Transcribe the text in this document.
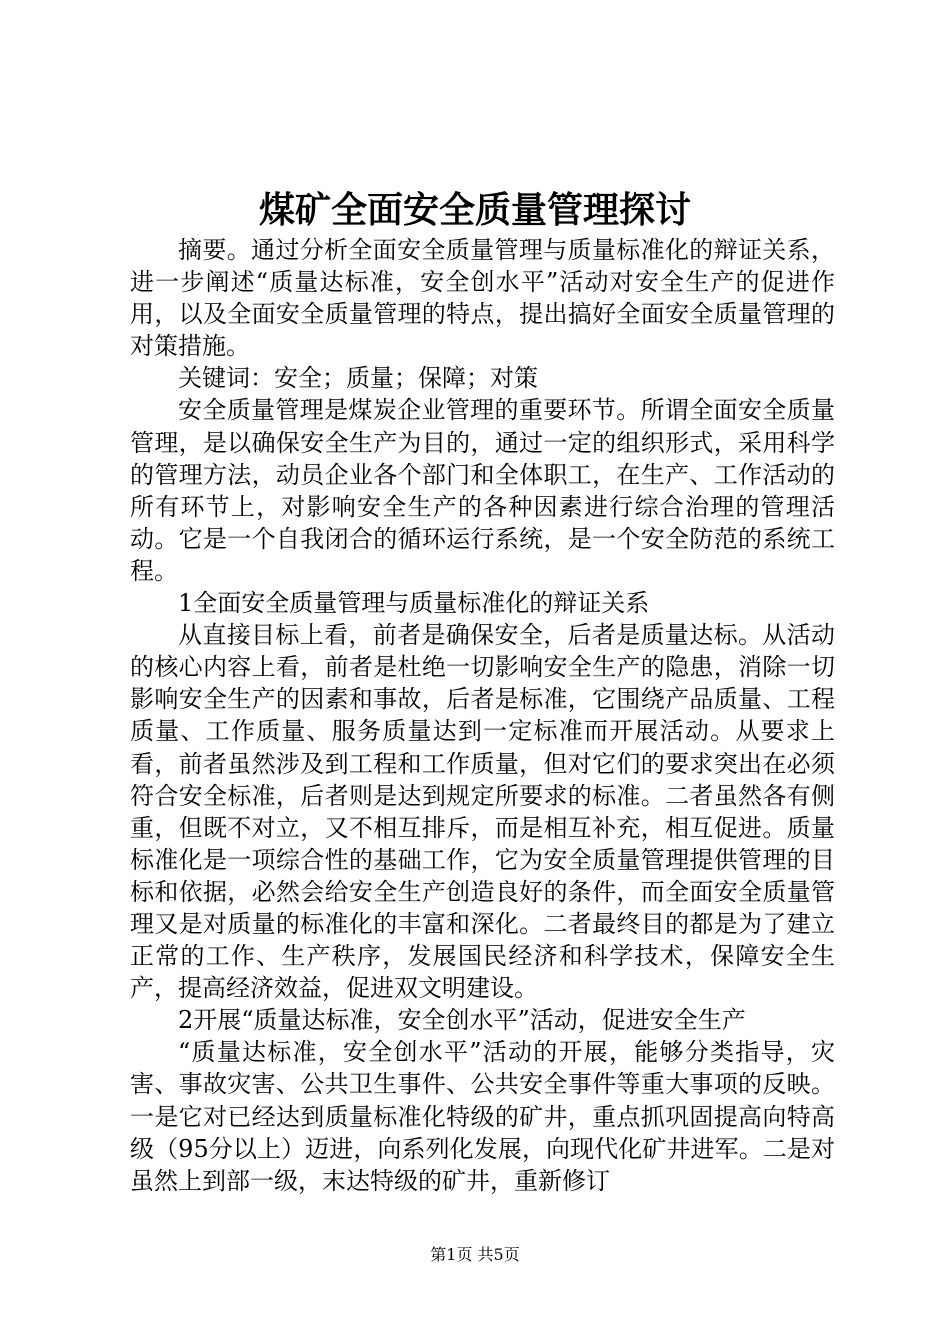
煤矿全面安全质量管理探讨

摘要。通过分析全面安全质量管理与质量标准化的辩证关系，进一步阐述“质量达标准，安全创水平”活动对安全生产的促进作用，以及全面安全质量管理的特点，提出搞好全面安全质量管理的对策措施。

关键词：安全；质量；保障；对策

安全质量管理是煤炭企业管理的重要环节。所谓全面安全质量管理，是以确保安全生产为目的，通过一定的组织形式，采用科学的管理方法，动员企业各个部门和全体职工，在生产、工作活动的所有环节上，对影响安全生产的各种因素进行综合治理的管理活动。它是一个自我闭合的循环运行系统，是一个安全防范的系统工程。

1全面安全质量管理与质量标准化的辩证关系

从直接目标上看，前者是确保安全，后者是质量达标。从活动的核心内容上看，前者是杜绝一切影响安全生产的隐患，消除一切影响安全生产的因素和事故，后者是标准，它围绕产品质量、工程质量、工作质量、服务质量达到一定标准而开展活动。从要求上看，前者虽然涉及到工程和工作质量，但对它们的要求突出在必须符合安全标准，后者则是达到规定所要求的标准。二者虽然各有侧重，但既不对立，又不相互排斥，而是相互补充，相互促进。质量标准化是一项综合性的基础工作，它为安全质量管理提供管理的目标和依据，必然会给安全生产创造良好的条件，而全面安全质量管理又是对质量的标准化的丰富和深化。二者最终目的都是为了建立正常的工作、生产秩序，发展国民经济和科学技术，保障安全生产，提高经济效益，促进双文明建设。

2开展“质量达标准，安全创水平”活动，促进安全生产

“质量达标准，安全创水平”活动的开展，能够分类指导，灾害、事故灾害、公共卫生事件、公共安全事件等重大事项的反映。一是它对已经达到质量标准化特级的矿井，重点抓巩固提高向特高级（95分以上）迈进，向系列化发展，向现代化矿井进军。二是对虽然上到部一级，末达特级的矿井，重新修订

第1页 共5页
